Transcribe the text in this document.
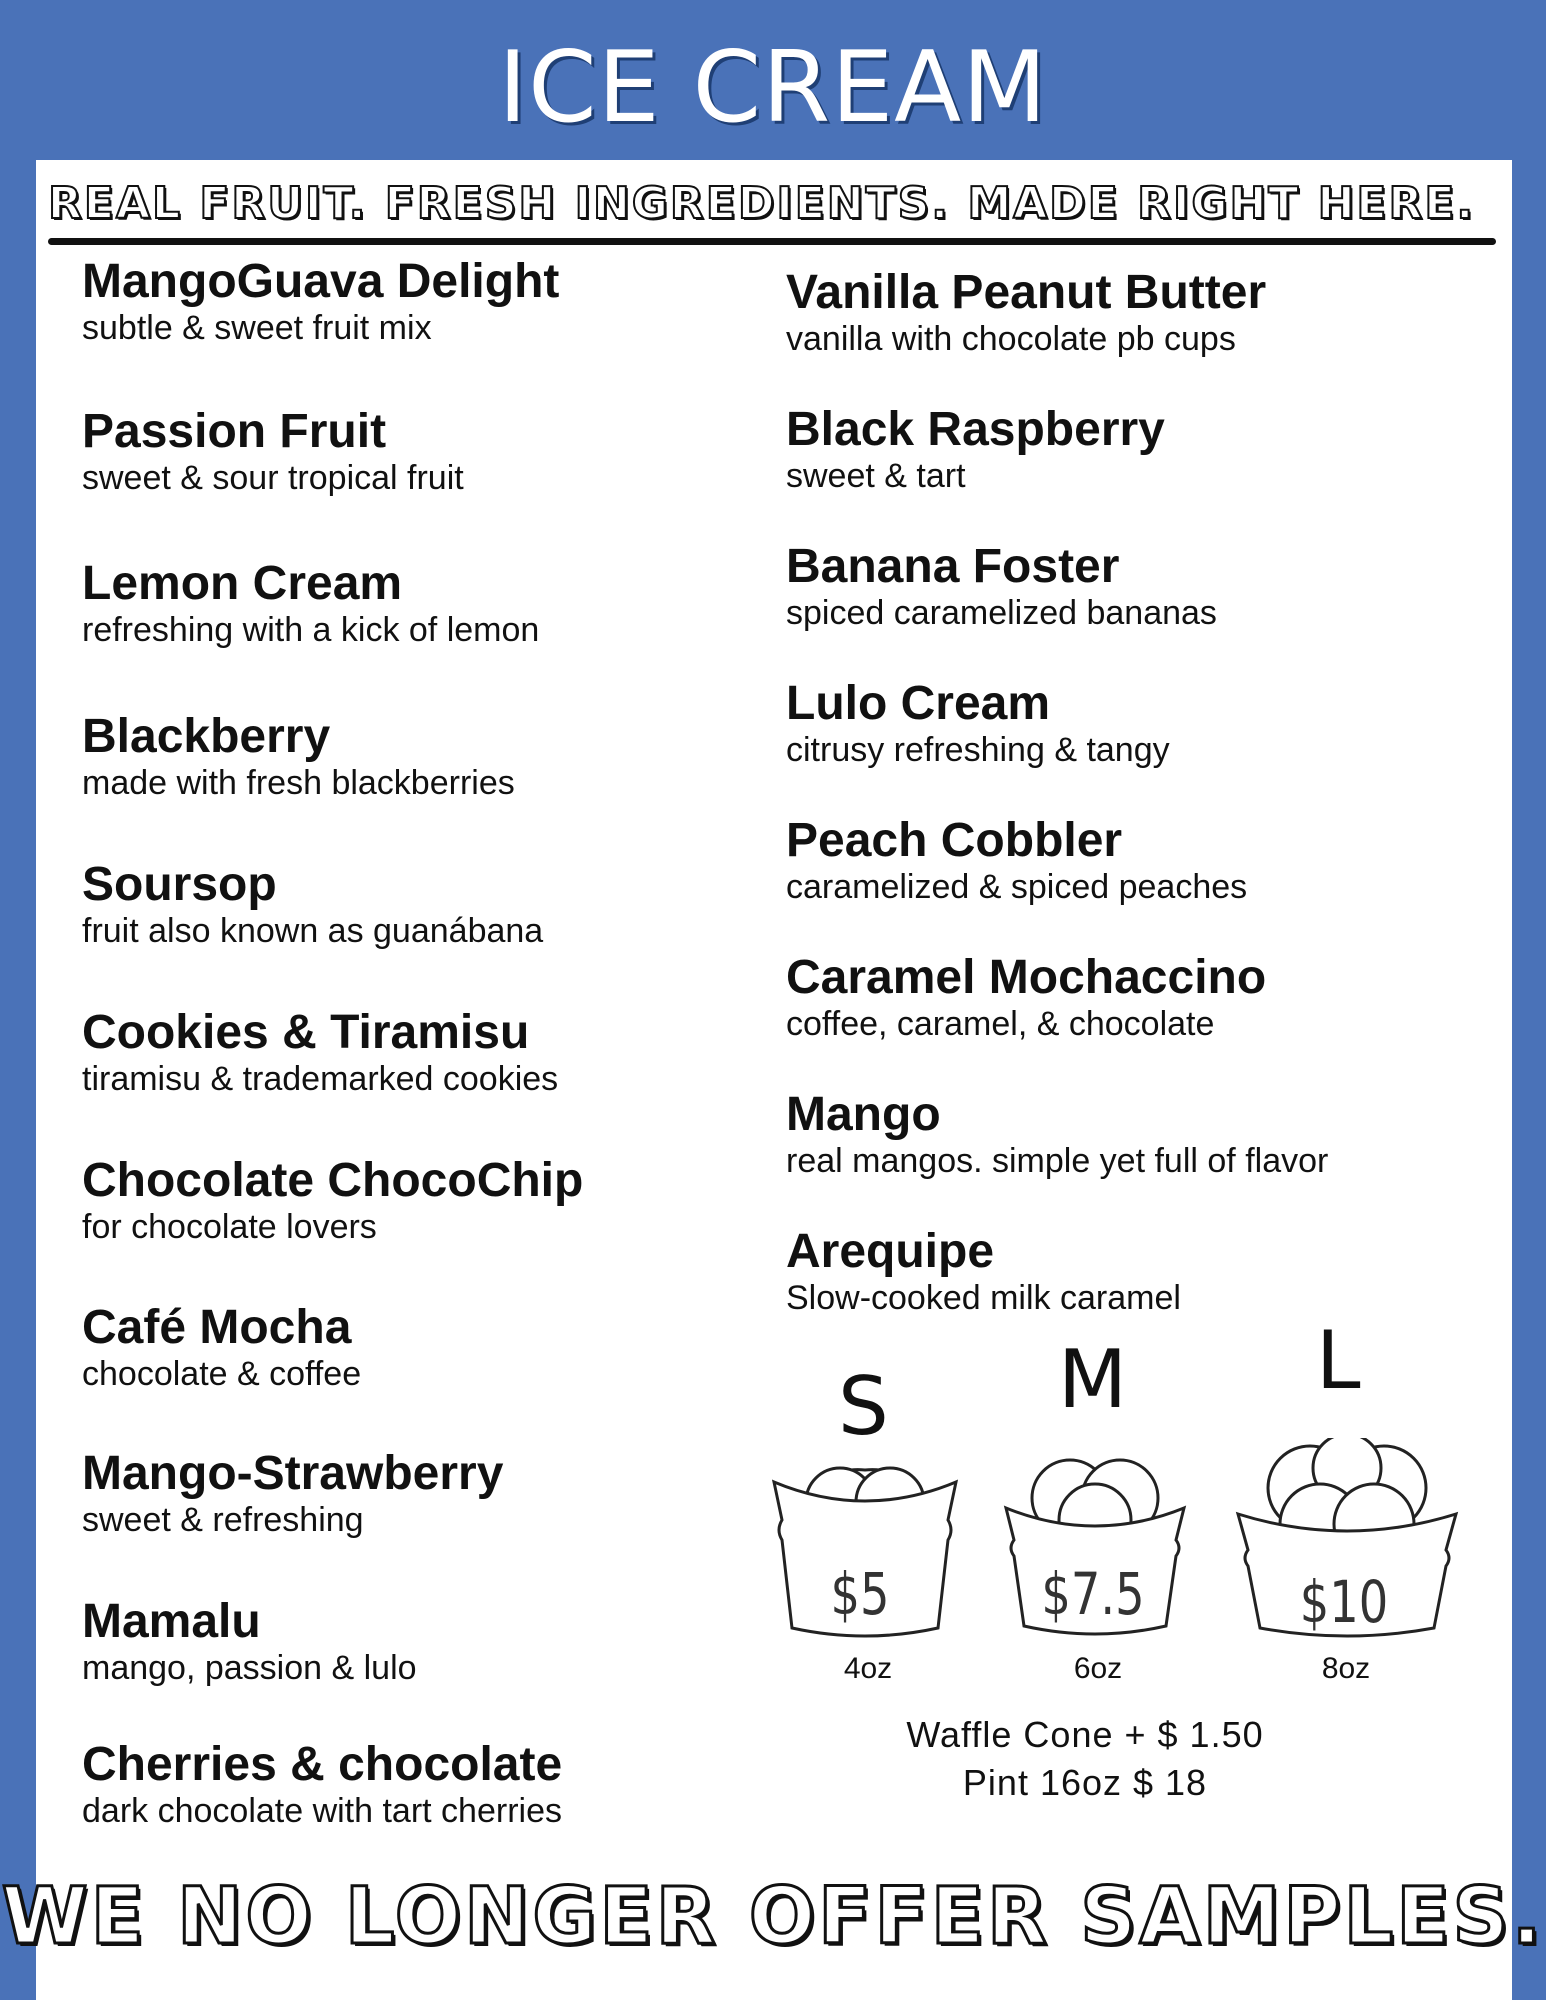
ICE CREAM
REAL FRUIT. FRESH INGREDIENTS. MADE RIGHT HERE.
MangoGuava Delight
subtle & sweet fruit mix
Passion Fruit
sweet & sour tropical fruit
Lemon Cream
refreshing with a kick of lemon
Blackberry
made with fresh blackberries
Soursop
fruit also known as guanábana
Cookies & Tiramisu
tiramisu & trademarked cookies
Chocolate ChocoChip
for chocolate lovers
Café Mocha
chocolate & coffee
Mango-Strawberry
sweet & refreshing
Mamalu
mango, passion & lulo
Cherries & chocolate
dark chocolate with tart cherries
Vanilla Peanut Butter
vanilla with chocolate pb cups
Black Raspberry
sweet & tart
Banana Foster
spiced caramelized bananas
Lulo Cream
citrusy refreshing & tangy
Peach Cobbler
caramelized & spiced peaches
Caramel Mochaccino
coffee, caramel, & chocolate
Mango
real mangos. simple yet full of flavor
Arequipe
Slow-cooked milk caramel
S M L
$5	$7.5	$10
4oz	6oz	8oz
Waffle Cone + $ 1.50
Pint 16oz $ 18
WE NO LONGER OFFER SAMPLES.
